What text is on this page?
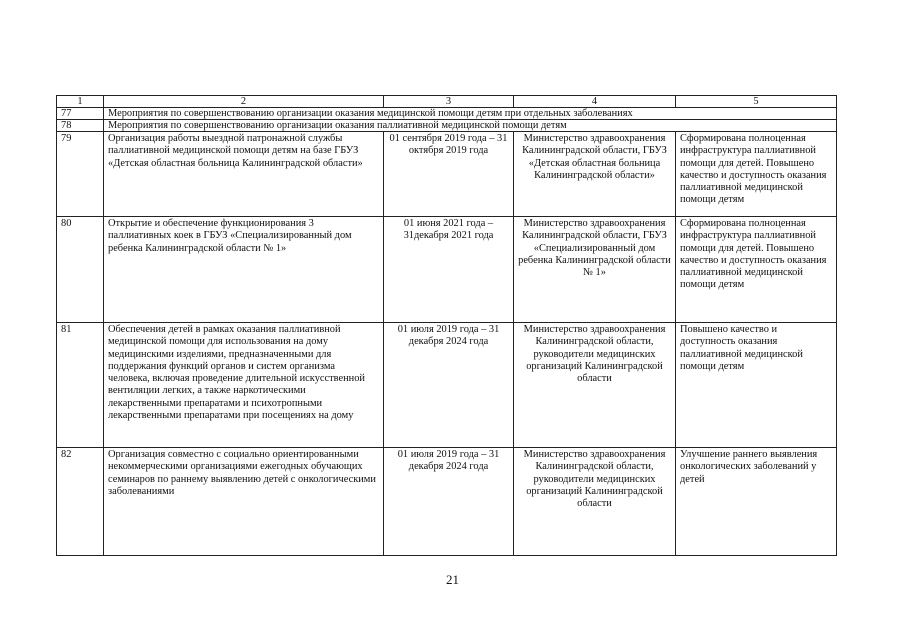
1	2	3	4	5
77	Мероприятия по совершенствованию организации оказания медицинской помощи детям при отдельных заболеваниях			
78	Мероприятия по совершенствованию организации оказания паллиативной медицинской помощи детям			
79	Организация работы выездной патронажной службы паллиативной медицинской помощи детям на базе ГБУЗ «Детская областная больница Калининградской области»	01 сентября 2019 года – 31 октября 2019 года	Министерство здравоохранения Калининградской области, ГБУЗ «Детская областная больница Калининградской области»	Сформирована полноценная инфраструктура паллиативной помощи для детей. Повышено качество и доступность оказания паллиативной медицинской помощи детям
80	Открытие и обеспечение функционирования 3 паллиативных коек в ГБУЗ «Специализированный дом ребенка Калининградской области № 1»	01 июня 2021 года – 31декабря 2021 года	Министерство здравоохранения Калининградской области, ГБУЗ «Специализированный дом ребенка Калининградской области № 1»	Сформирована полноценная инфраструктура паллиативной помощи для детей. Повышено качество и доступность оказания паллиативной медицинской помощи детям
81	Обеспечения детей в рамках оказания паллиативной медицинской помощи для использования на дому медицинскими изделиями, предназначенными для поддержания функций органов и систем организма человека, включая проведение длительной искусственной вентиляции легких, а также наркотическими лекарственными препаратами и психотропными лекарственными препаратами при посещениях на дому	01 июля 2019 года – 31 декабря 2024 года	Министерство здравоохранения Калининградской области, руководители медицинских организаций Калининградской области	Повышено качество и доступность оказания паллиативной медицинской помощи детям
82	Организация совместно с социально ориентированными некоммерческими организациями ежегодных обучающих семинаров по раннему выявлению детей с онкологическими заболеваниями	01 июля 2019 года – 31 декабря 2024 года	Министерство здравоохранения Калининградской области, руководители медицинских организаций Калининградской области	Улучшение раннего выявления онкологических заболеваний у детей
21
